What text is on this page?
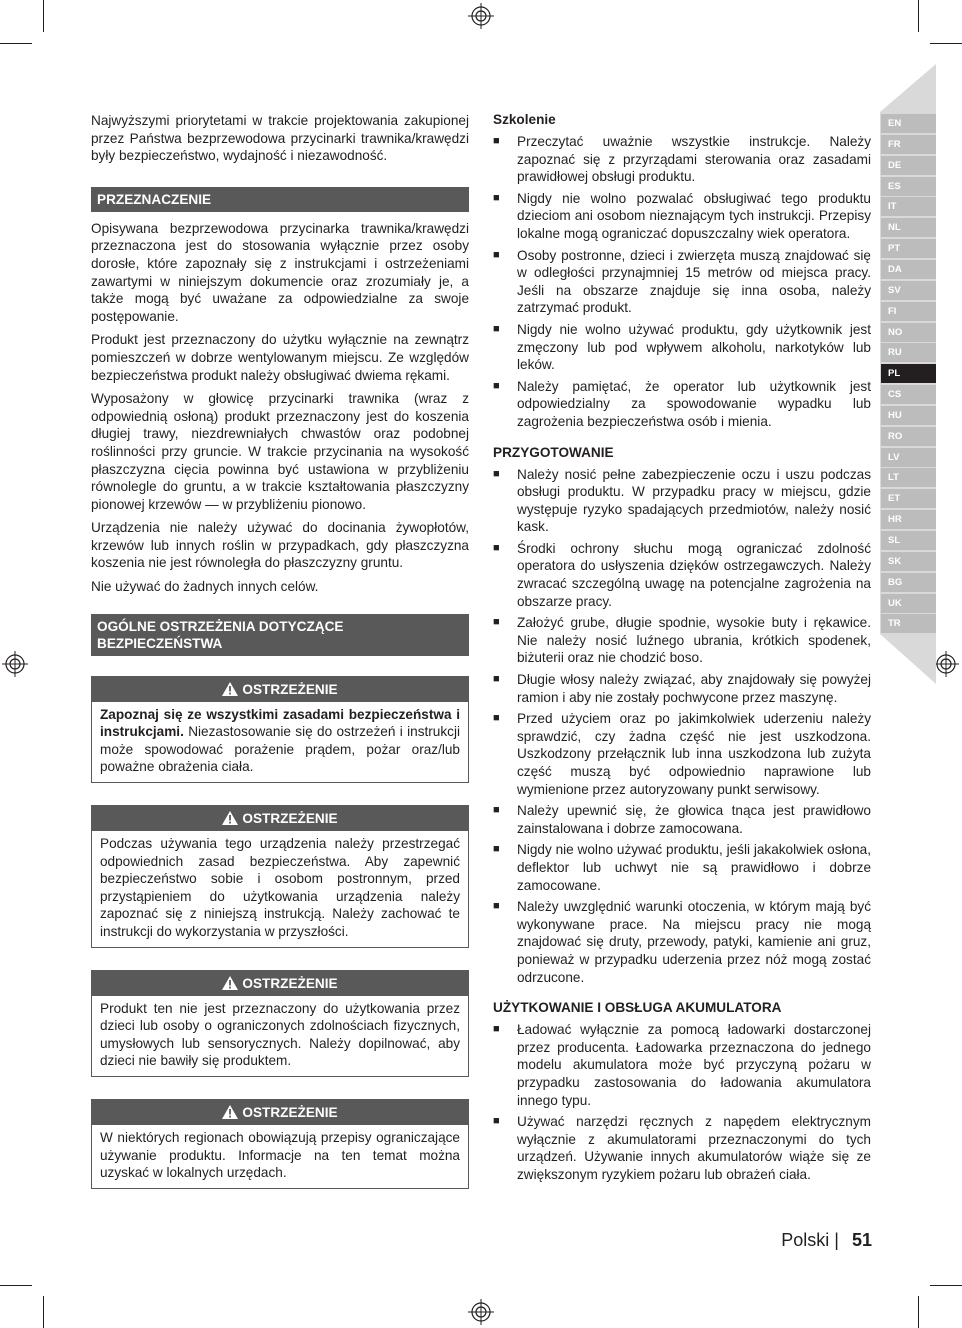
EN
FR
DE
ES
IT
NL
PT
DA
SV
FI
NO
RU
PL
CS
HU
RO
LV
LT
ET
HR
SL
SK
BG
UK
TR

Najwyższymi priorytetami w trakcie projektowania zakupionej przez Państwa bezprzewodowa przycinarki trawnika/krawędzi były bezpieczeństwo, wydajność i niezawodność.

PRZEZNACZENIE

Opisywana bezprzewodowa przycinarka trawnika/krawędzi przeznaczona jest do stosowania wyłącznie przez osoby dorosłe, które zapoznały się z instrukcjami i ostrzeżeniami zawartymi w niniejszym dokumencie oraz zrozumiały je, a także mogą być uważane za odpowiedzialne za swoje postępowanie.

Produkt jest przeznaczony do użytku wyłącznie na zewnątrz pomieszczeń w dobrze wentylowanym miejscu. Ze względów bezpieczeństwa produkt należy obsługiwać dwiema rękami.

Wyposażony w głowicę przycinarki trawnika (wraz z odpowiednią osłoną) produkt przeznaczony jest do koszenia długiej trawy, niezdrewniałych chwastów oraz podobnej roślinności przy gruncie. W trakcie przycinania na wysokość płaszczyzna cięcia powinna być ustawiona w przybliżeniu równolegle do gruntu, a w trakcie kształtowania płaszczyzny pionowej krzewów — w przybliżeniu pionowo.

Urządzenia nie należy używać do docinania żywopłotów, krzewów lub innych roślin w przypadkach, gdy płaszczyzna koszenia nie jest równoległa do płaszczyzny gruntu.

Nie używać do żadnych innych celów.

OGÓLNE OSTRZEŻENIA DOTYCZĄCE
BEZPIECZEŃSTWA
OSTRZEŻENIE
Zapoznaj się ze wszystkimi zasadami bezpieczeństwa i instrukcjami. Niezastosowanie się do ostrzeżeń i instrukcji może spowodować porażenie prądem, pożar oraz/lub poważne obrażenia ciała.
OSTRZEŻENIE
Podczas używania tego urządzenia należy przestrzegać odpowiednich zasad bezpieczeństwa. Aby zapewnić bezpieczeństwo sobie i osobom postronnym, przed przystąpieniem do użytkowania urządzenia należy zapoznać się z niniejszą instrukcją. Należy zachować te instrukcji do wykorzystania w przyszłości.
OSTRZEŻENIE
Produkt ten nie jest przeznaczony do użytkowania przez dzieci lub osoby o ograniczonych zdolnościach fizycznych, umysłowych lub sensorycznych. Należy dopilnować, aby dzieci nie bawiły się produktem.
OSTRZEŻENIE
W niektórych regionach obowiązują przepisy ograniczające używanie produktu. Informacje na ten temat można uzyskać w lokalnych urzędach.
Szkolenie
■ Przeczytać uważnie wszystkie instrukcje. Należy zapoznać się z przyrządami sterowania oraz zasadami prawidłowej obsługi produktu.
■ Nigdy nie wolno pozwalać obsługiwać tego produktu dzieciom ani osobom nieznającym tych instrukcji. Przepisy lokalne mogą ograniczać dopuszczalny wiek operatora.
■ Osoby postronne, dzieci i zwierzęta muszą znajdować się w odległości przynajmniej 15 metrów od miejsca pracy. Jeśli na obszarze znajduje się inna osoba, należy zatrzymać produkt.
■ Nigdy nie wolno używać produktu, gdy użytkownik jest zmęczony lub pod wpływem alkoholu, narkotyków lub leków.
■ Należy pamiętać, że operator lub użytkownik jest odpowiedzialny za spowodowanie wypadku lub zagrożenia bezpieczeństwa osób i mienia.
PRZYGOTOWANIE
■ Należy nosić pełne zabezpieczenie oczu i uszu podczas obsługi produktu. W przypadku pracy w miejscu, gdzie występuje ryzyko spadających przedmiotów, należy nosić kask.
■ Środki ochrony słuchu mogą ograniczać zdolność operatora do usłyszenia dzięków ostrzegawczych. Należy zwracać szczególną uwagę na potencjalne zagrożenia na obszarze pracy.
■ Założyć grube, długie spodnie, wysokie buty i rękawice. Nie należy nosić luźnego ubrania, krótkich spodenek, biżuterii oraz nie chodzić boso.
■ Długie włosy należy związać, aby znajdowały się powyżej ramion i aby nie zostały pochwycone przez maszynę.
■ Przed użyciem oraz po jakimkolwiek uderzeniu należy sprawdzić, czy żadna część nie jest uszkodzona. Uszkodzony przełącznik lub inna uszkodzona lub zużyta część muszą być odpowiednio naprawione lub wymienione przez autoryzowany punkt serwisowy.
■ Należy upewnić się, że głowica tnąca jest prawidłowo zainstalowana i dobrze zamocowana.
■ Nigdy nie wolno używać produktu, jeśli jakakolwiek osłona, deflektor lub uchwyt nie są prawidłowo i dobrze zamocowane.
■ Należy uwzględnić warunki otoczenia, w którym mają być wykonywane prace. Na miejscu pracy nie mogą znajdować się druty, przewody, patyki, kamienie ani gruz, ponieważ w przypadku uderzenia przez nóż mogą zostać odrzucone.
UŻYTKOWANIE I OBSŁUGA AKUMULATORA
■ Ładować wyłącznie za pomocą ładowarki dostarczonej przez producenta. Ładowarka przeznaczona do jednego modelu akumulatora może być przyczyną pożaru w przypadku zastosowania do ładowania akumulatora innego typu.
■ Używać narzędzi ręcznych z napędem elektrycznym wyłącznie z akumulatorami przeznaczonymi do tych urządzeń. Używanie innych akumulatorów wiąże się ze zwiększonym ryzykiem pożaru lub obrażeń ciała.
Polski | 51
